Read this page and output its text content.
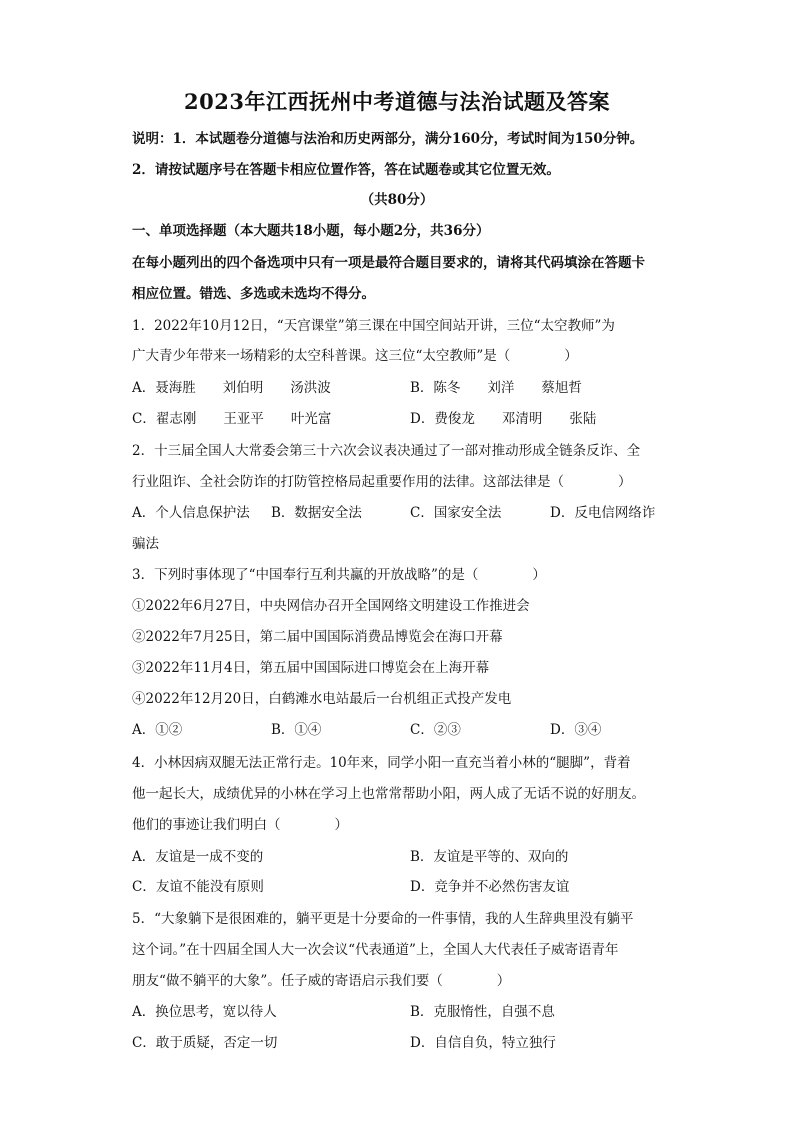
2023年江西抚州中考道德与法治试题及答案
说明：1．本试题卷分道德与法治和历史两部分，满分160分，考试时间为150分钟。
2．请按试题序号在答题卡相应位置作答，答在试题卷或其它位置无效。
（共80分）
一、单项选择题（本大题共18小题，每小题2分，共36分）
在每小题列出的四个备选项中只有一项是最符合题目要求的，请将其代码填涂在答题卡
相应位置。错选、多选或未选均不得分。
1．2022年10月12日，“天宫课堂”第三课在中国空间站开讲，三位“太空教师”为
广大青少年带来一场精彩的太空科普课。这三位“太空教师”是（　　　　）
A．聂海胜　　刘伯明　　汤洪波	B．陈冬　　刘洋　　蔡旭哲
C．翟志刚　　王亚平　　叶光富	D．费俊龙　　邓清明　　张陆
2．十三届全国人大常委会第三十六次会议表决通过了一部对推动形成全链条反诈、全
行业阻诈、全社会防诈的打防管控格局起重要作用的法律。这部法律是（　　　　）
A．个人信息保护法 B．数据安全法	C．国家安全法	D．反电信网络诈
骗法
3．下列时事体现了“中国奉行互利共赢的开放战略”的是（　　　　）
①2022年6月27日，中央网信办召开全国网络文明建设工作推进会
②2022年7月25日，第二届中国国际消费品博览会在海口开幕
③2022年11月4日，第五届中国国际进口博览会在上海开幕
④2022年12月20日，白鹤滩水电站最后一台机组正式投产发电
A．①②	B．①④	C．②③	D．③④
4．小林因病双腿无法正常行走。10年来，同学小阳一直充当着小林的“腿脚”，背着
他一起长大，成绩优异的小林在学习上也常常帮助小阳，两人成了无话不说的好朋友。
他们的事迹让我们明白（　　　　）
A．友谊是一成不变的	B．友谊是平等的、双向的
C．友谊不能没有原则	D．竞争并不必然伤害友谊
5．“大象躺下是很困难的，躺平更是十分要命的一件事情，我的人生辞典里没有躺平
这个词。”在十四届全国人大一次会议“代表通道”上，全国人大代表任子威寄语青年
朋友“做不躺平的大象”。任子威的寄语启示我们要（　　　　）
A．换位思考，宽以待人	B．克服惰性，自强不息
C．敢于质疑，否定一切	D．自信自负，特立独行
